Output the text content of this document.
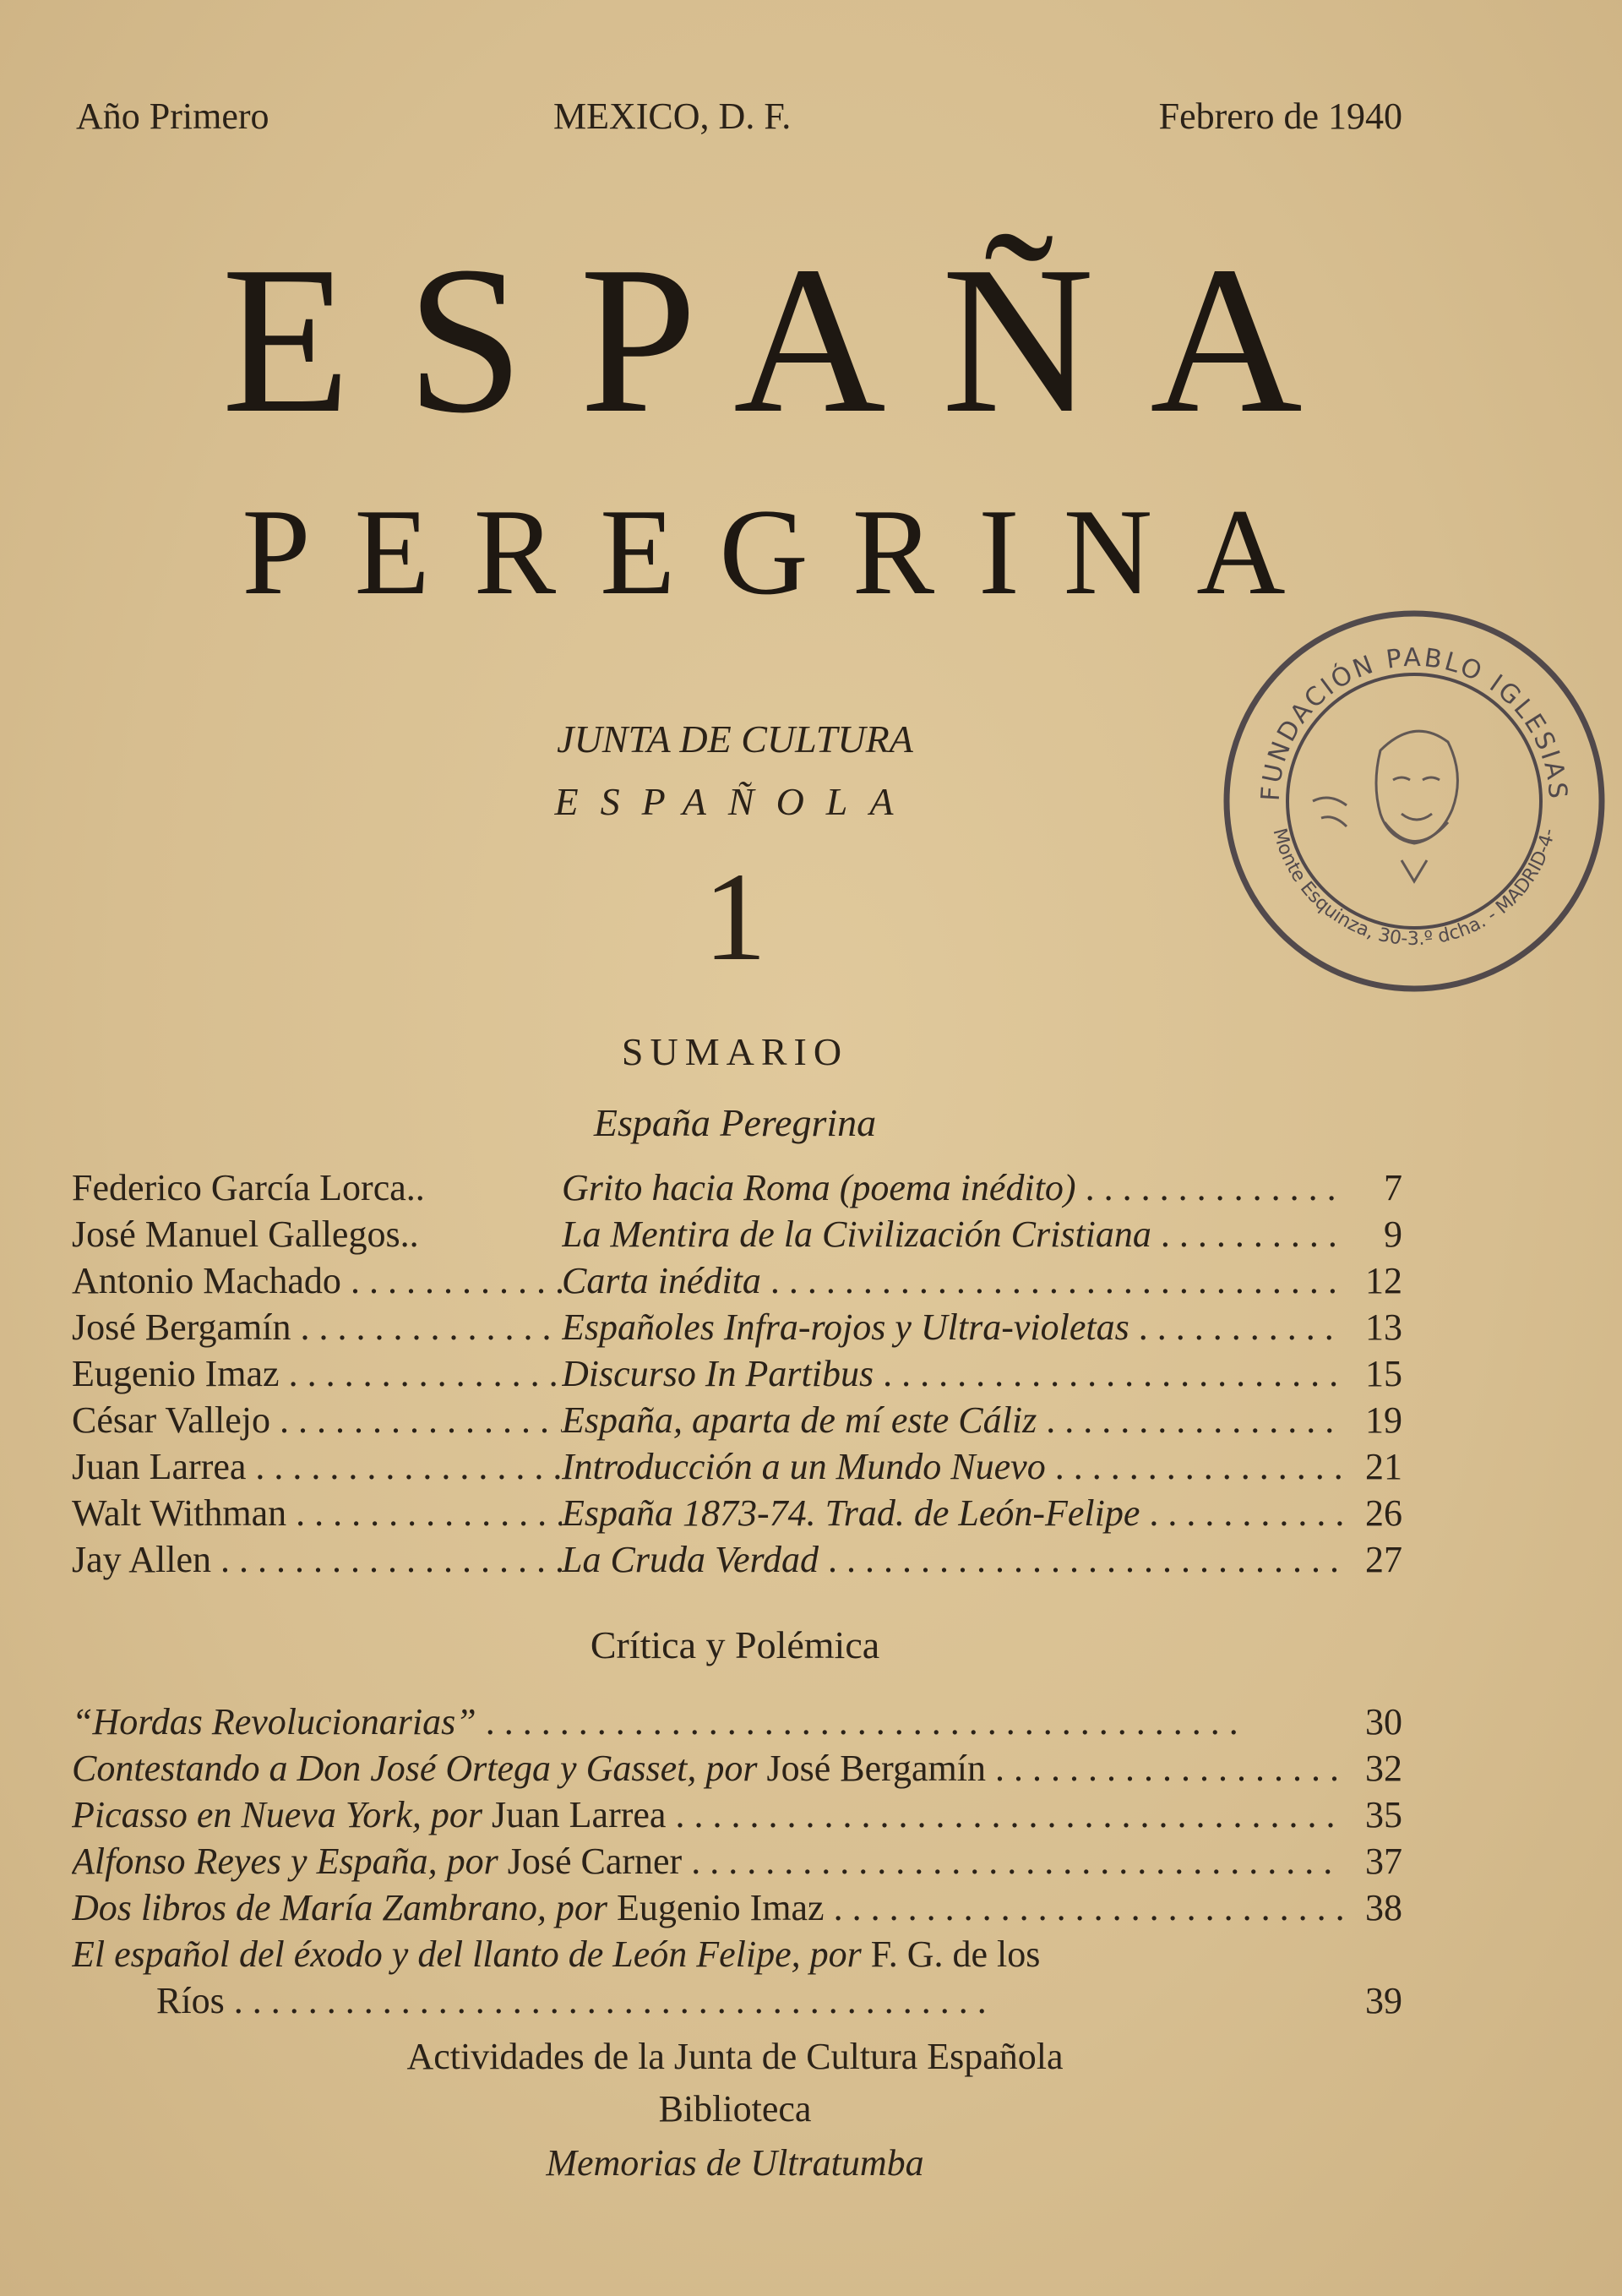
Año Primero	MEXICO, D. F.	Febrero de 1940
ESPAÑA
PEREGRINA
JUNTA DE CULTURA
ESPAÑOLA
1
SUMARIO
España Peregrina
Federico García Lorca..	Grito hacia Roma (poema inédito) . . .	7
José Manuel Gallegos..	La Mentira de la Civilización Cristiana . . .	9
Antonio Machado . . .	Carta inédita . . .	12
José Bergamín . . .	Españoles Infra-rojos y Ultra-violetas . . .	13
Eugenio Imaz . . .	Discurso In Partibus . . .	15
César Vallejo . . .	España, aparta de mí este Cáliz . . .	19
Juan Larrea . . .	Introducción a un Mundo Nuevo . . .	21
Walt Withman . . .	España 1873-74. Trad. de León-Felipe . . .	26
Jay Allen . . .	La Cruda Verdad . . .	27
Crítica y Polémica
“Hordas Revolucionarias” . . .	30
Contestando a Don José Ortega y Gasset, por José Bergamín . . .	32
Picasso en Nueva York, por Juan Larrea . . .	35
Alfonso Reyes y España, por José Carner . . .	37
Dos libros de María Zambrano, por Eugenio Imaz . . .	38
El español del éxodo y del llanto de León Felipe, por F. G. de los
Ríos . . .	39
Actividades de la Junta de Cultura Española
Biblioteca
Memorias de Ultratumba
FUNDACIÓN PABLO IGLESIAS
Monte Esquinza, 30-3.º dcha. - MADRID-4-
